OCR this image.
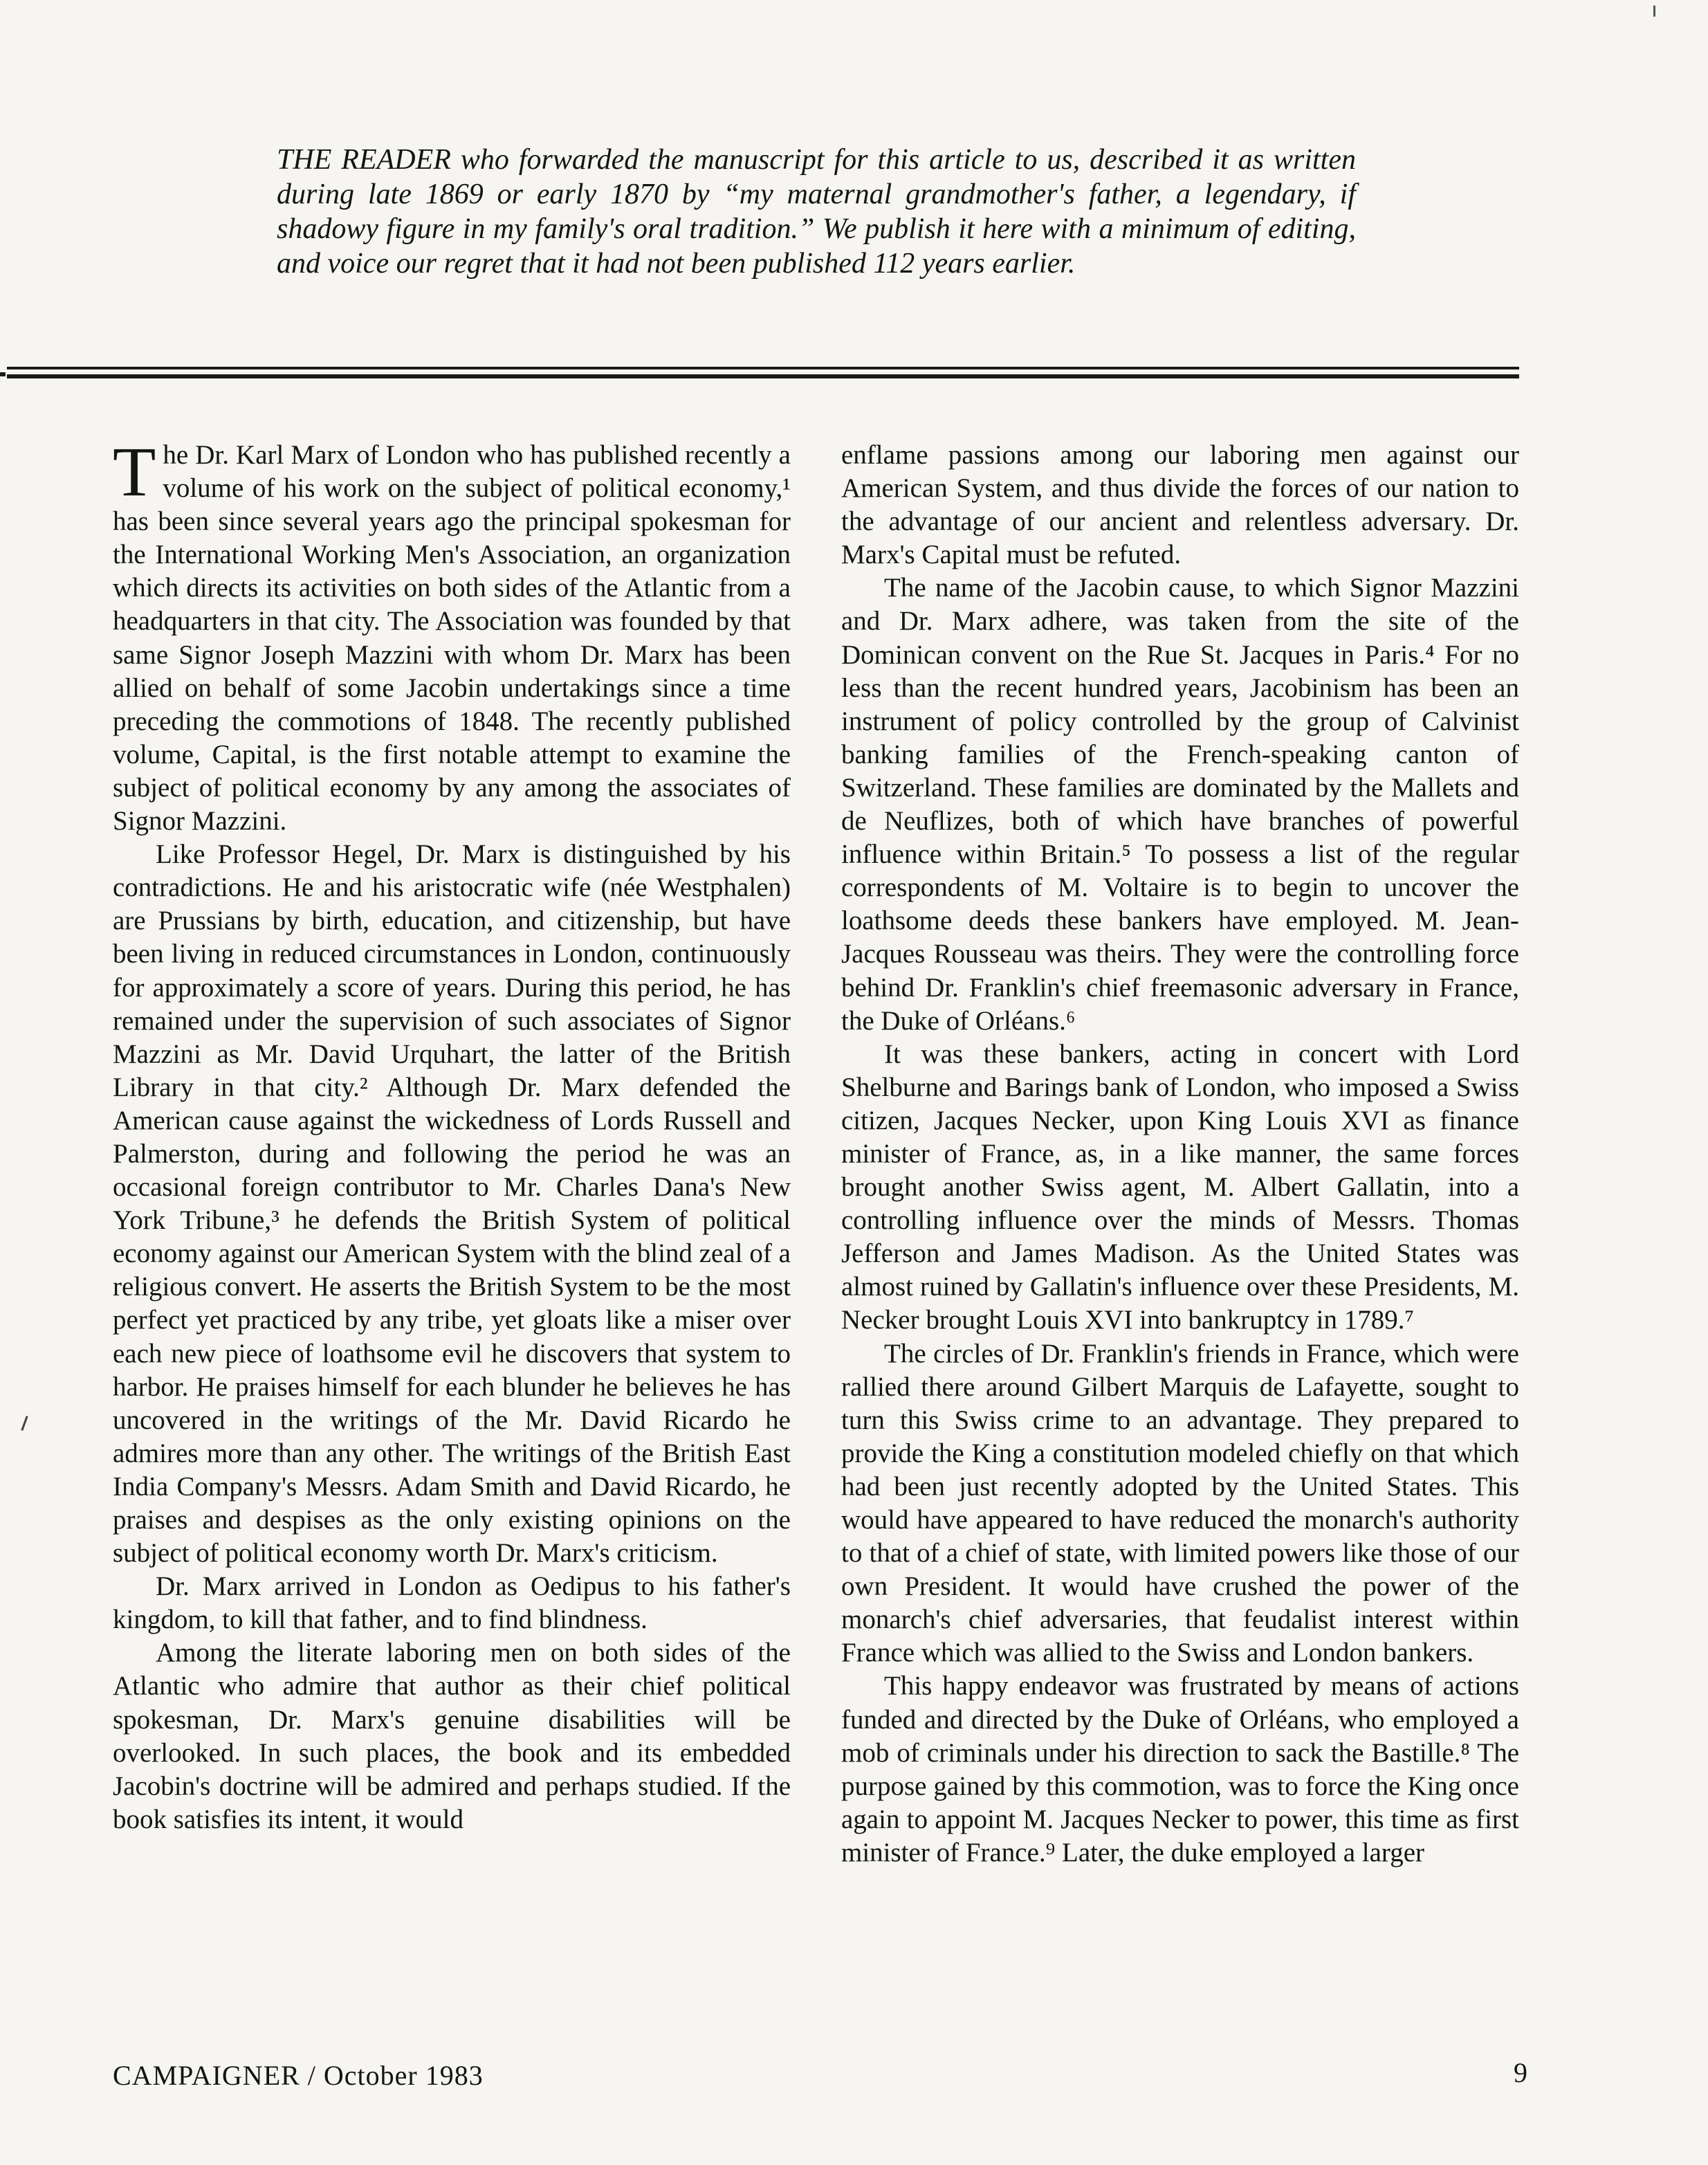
THE READER who forwarded the manuscript for this article to us, described it as written during late 1869 or early 1870 by “my maternal grandmother's father, a legendary, if shadowy figure in my family's oral tradition.” We publish it here with a minimum of editing, and voice our regret that it had not been published 112 years earlier.

The Dr. Karl Marx of London who has published recently a volume of his work on the subject of political economy,¹ has been since several years ago the principal spokesman for the International Working Men's Association, an organization which directs its activities on both sides of the Atlantic from a headquarters in that city. The Association was founded by that same Signor Joseph Mazzini with whom Dr. Marx has been allied on behalf of some Jacobin undertakings since a time preceding the commotions of 1848. The recently published volume, Capital, is the first notable attempt to examine the subject of political economy by any among the associates of Signor Mazzini.

Like Professor Hegel, Dr. Marx is distinguished by his contradictions. He and his aristocratic wife (née Westphalen) are Prussians by birth, education, and citizenship, but have been living in reduced circumstances in London, continuously for approximately a score of years. During this period, he has remained under the supervision of such associates of Signor Mazzini as Mr. David Urquhart, the latter of the British Library in that city.² Although Dr. Marx defended the American cause against the wickedness of Lords Russell and Palmerston, during and following the period he was an occasional foreign contributor to Mr. Charles Dana's New York Tribune,³ he defends the British System of political economy against our American System with the blind zeal of a religious convert. He asserts the British System to be the most perfect yet practiced by any tribe, yet gloats like a miser over each new piece of loathsome evil he discovers that system to harbor. He praises himself for each blunder he believes he has uncovered in the writings of the Mr. David Ricardo he admires more than any other. The writings of the British East India Company's Messrs. Adam Smith and David Ricardo, he praises and despises as the only existing opinions on the subject of political economy worth Dr. Marx's criticism.

Dr. Marx arrived in London as Oedipus to his father's kingdom, to kill that father, and to find blindness.

Among the literate laboring men on both sides of the Atlantic who admire that author as their chief political spokesman, Dr. Marx's genuine disabilities will be overlooked. In such places, the book and its embedded Jacobin's doctrine will be admired and perhaps studied. If the book satisfies its intent, it would

enflame passions among our laboring men against our American System, and thus divide the forces of our nation to the advantage of our ancient and relentless adversary. Dr. Marx's Capital must be refuted.

The name of the Jacobin cause, to which Signor Mazzini and Dr. Marx adhere, was taken from the site of the Dominican convent on the Rue St. Jacques in Paris.⁴ For no less than the recent hundred years, Jacobinism has been an instrument of policy controlled by the group of Calvinist banking families of the French-speaking canton of Switzerland. These families are dominated by the Mallets and de Neuflizes, both of which have branches of powerful influence within Britain.⁵ To possess a list of the regular correspondents of M. Voltaire is to begin to uncover the loathsome deeds these bankers have employed. M. Jean-Jacques Rousseau was theirs. They were the controlling force behind Dr. Franklin's chief freemasonic adversary in France, the Duke of Orléans.⁶

It was these bankers, acting in concert with Lord Shelburne and Barings bank of London, who imposed a Swiss citizen, Jacques Necker, upon King Louis XVI as finance minister of France, as, in a like manner, the same forces brought another Swiss agent, M. Albert Gallatin, into a controlling influence over the minds of Messrs. Thomas Jefferson and James Madison. As the United States was almost ruined by Gallatin's influence over these Presidents, M. Necker brought Louis XVI into bankruptcy in 1789.⁷

The circles of Dr. Franklin's friends in France, which were rallied there around Gilbert Marquis de Lafayette, sought to turn this Swiss crime to an advantage. They prepared to provide the King a constitution modeled chiefly on that which had been just recently adopted by the United States. This would have appeared to have reduced the monarch's authority to that of a chief of state, with limited powers like those of our own President. It would have crushed the power of the monarch's chief adversaries, that feudalist interest within France which was allied to the Swiss and London bankers.

This happy endeavor was frustrated by means of actions funded and directed by the Duke of Orléans, who employed a mob of criminals under his direction to sack the Bastille.⁸ The purpose gained by this commotion, was to force the King once again to appoint M. Jacques Necker to power, this time as first minister of France.⁹ Later, the duke employed a larger

CAMPAIGNER / October 1983	9
